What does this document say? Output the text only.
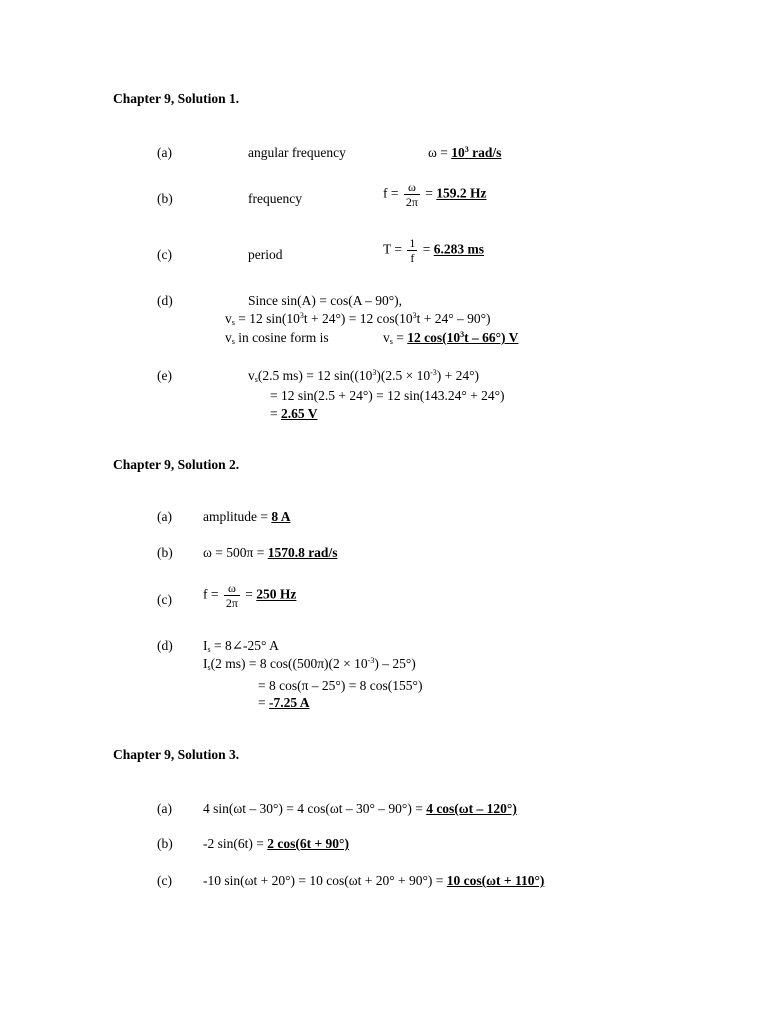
Chapter 9, Solution 1.
(a)	angular frequency	$\omega = 10^3$ rad/s
(b)	frequency	$f = \frac{\omega}{2\pi} = 159.2$ Hz
(c)	period	$T = \frac{1}{f} = 6.283$ ms
(d)	Since sin(A) = cos(A – 90°),
$v_s = 12$ $\sin(10^3t + 24^\circ) = 12$ $\cos(10^3t + 24^\circ - 90^\circ)$
$v_s$ in cosine form is	$v_s = 12$ $\cos(10^3t - 66^\circ)$ V
(e)	$v_s(2.5$ ms) = 12 $\sin((10^3)(2.5 \times 10^{-3}) + 24^\circ)$
= 12 sin(2.5 + 24°) = 12 sin(143.24° + 24°)
= 2.65 V
Chapter 9, Solution 2.
(a) amplitude = 8 A
(b) ω = 500π = 1570.8 rad/s
(c) $f = \frac{\omega}{2\pi} = 250$ Hz
(d) $I_s$ = 8∠-25° A
$I_s(2$ ms) = 8 $\cos((500\pi)(2 \times 10^{-3}) - 25^\circ)$
= 8 cos(π – 25°) = 8 cos(155°)
= -7.25 A
Chapter 9, Solution 3.
(a) 4 sin(ωt – 30°) = 4 cos(ωt – 30° – 90°) = 4 cos(ωt – 120°)
(b) -2 sin(6t) = 2 cos(6t + 90°)
(c) -10 sin(ωt + 20°) = 10 cos(ωt + 20° + 90°) = 10 cos(ωt + 110°)
